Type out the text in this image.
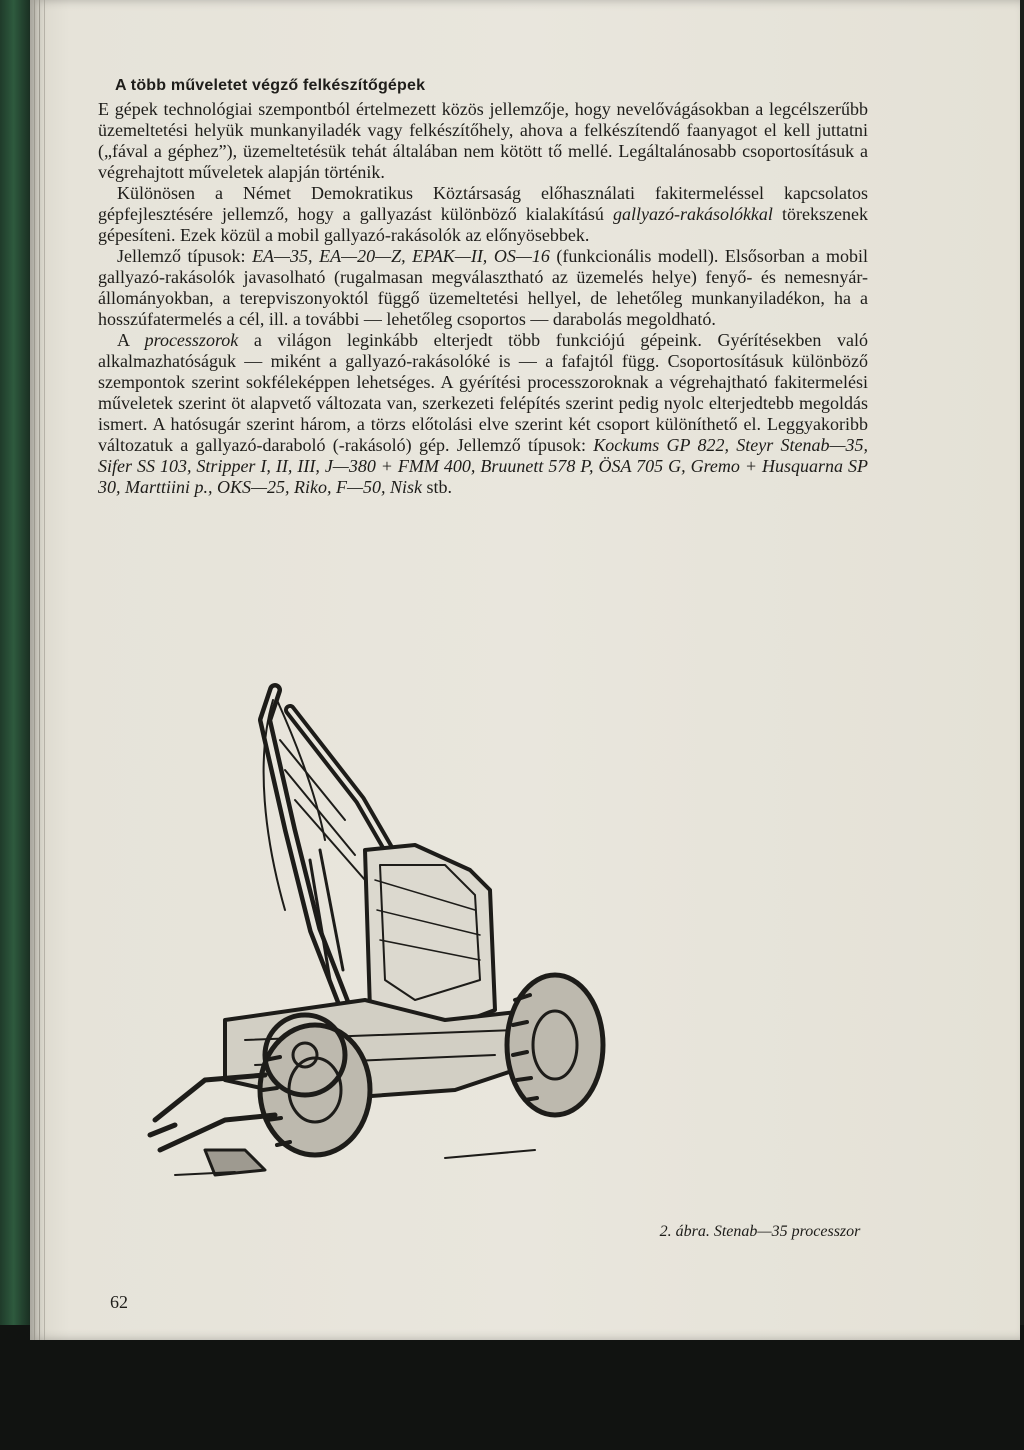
A több műveletet végző felkészítőgépek

E gépek technológiai szempontból értelmezett közös jellemzője, hogy nevelővágásokban a legcélszerűbb üzemeltetési helyük munkanyiladék vagy felkészítőhely, ahova a felkészítendő faanyagot el kell juttatni („fával a géphez”), üzemeltetésük tehát általában nem kötött tő mellé. Legáltalánosabb csoportosításuk a végrehajtott műveletek alapján történik.

Különösen a Német Demokratikus Köztársaság előhasználati fakitermeléssel kapcsolatos gépfejlesztésére jellemző, hogy a gallyazást különböző kialakítású gallyazó-rakásolókkal törekszenek gépesíteni. Ezek közül a mobil gallyazó-rakásolók az előnyösebbek.

Jellemző típusok: EA—35, EA—20—Z, EPAK—II, OS—16 (funkcionális modell). Elsősorban a mobil gallyazó-rakásolók javasolható (rugalmasan megválasztható az üzemelés helye) fenyő- és nemesnyár-állományokban, a terepviszonyoktól függő üzemeltetési hellyel, de lehetőleg munkanyiladékon, ha a hosszúfatermelés a cél, ill. a további — lehetőleg csoportos — darabolás megoldható.

A processzorok a világon leginkább elterjedt több funkciójú gépeink. Gyérítésekben való alkalmazhatóságuk — miként a gallyazó-rakásolóké is — a fafajtól függ. Csoportosításuk különböző szempontok szerint sokféleképpen lehetséges. A gyérítési processzoroknak a végrehajtható fakitermelési műveletek szerint öt alapvető változata van, szerkezeti felépítés szerint pedig nyolc elterjedtebb megoldás ismert. A hatósugár szerint három, a törzs előtolási elve szerint két csoport különíthető el. Leggyakoribb változatuk a gallyazó-daraboló (-rakásoló) gép. Jellemző típusok: Kockums GP 822, Steyr Stenab—35, Sifer SS 103, Stripper I, II, III, J—380 + FMM 400, Bruunett 578 P, ÖSA 705 G, Gremo + Husquarna SP 30, Marttiini p., OKS—25, Riko, F—50, Nisk stb.

2. ábra. Stenab—35 processzor
62
